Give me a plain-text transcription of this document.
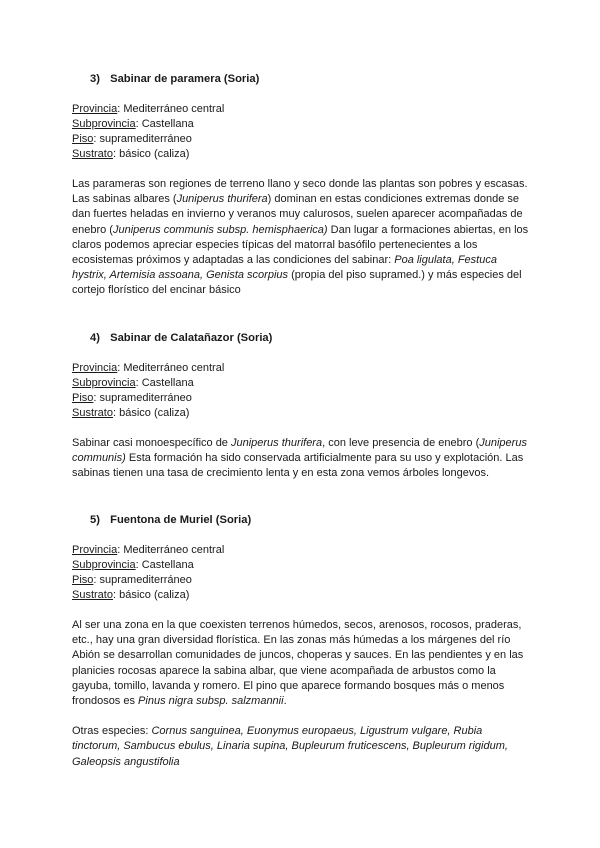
3) Sabinar de paramera (Soria)

Provincia: Mediterráneo central

Subprovincia: Castellana

Piso: supramediterráneo

Sustrato: básico (caliza)

Las parameras son regiones de terreno llano y seco donde las plantas son pobres y escasas. Las sabinas albares (Juniperus thurifera) dominan en estas condiciones extremas donde se dan fuertes heladas en invierno y veranos muy calurosos, suelen aparecer acompañadas de enebro (Juniperus communis subsp. hemisphaerica) Dan lugar a formaciones abiertas, en los claros podemos apreciar especies típicas del matorral basófilo pertenecientes a los ecosistemas próximos y adaptadas a las condiciones del sabinar: Poa ligulata, Festuca hystrix, Artemisia assoana, Genista scorpius (propia del piso supramed.) y más especies del cortejo florístico del encinar básico

4) Sabinar de Calatañazor (Soria)

Provincia: Mediterráneo central

Subprovincia: Castellana

Piso: supramediterráneo

Sustrato: básico (caliza)

Sabinar casi monoespecífico de Juniperus thurifera, con leve presencia de enebro (Juniperus communis) Esta formación ha sido conservada artificialmente para su uso y explotación. Las sabinas tienen una tasa de crecimiento lenta y en esta zona vemos árboles longevos.

5) Fuentona de Muriel (Soria)

Provincia: Mediterráneo central

Subprovincia: Castellana

Piso: supramediterráneo

Sustrato: básico (caliza)

Al ser una zona en la que coexisten terrenos húmedos, secos, arenosos, rocosos, praderas, etc., hay una gran diversidad florística. En las zonas más húmedas a los márgenes del río Abión se desarrollan comunidades de juncos, choperas y sauces. En las pendientes y en las planicies rocosas aparece la sabina albar, que viene acompañada de arbustos como la gayuba, tomillo, lavanda y romero. El pino que aparece formando bosques más o menos frondosos es Pinus nigra subsp. salzmannii.

Otras especies: Cornus sanguinea, Euonymus europaeus, Ligustrum vulgare, Rubia tinctorum, Sambucus ebulus, Linaria supina, Bupleurum fruticescens, Bupleurum rigidum, Galeopsis angustifolia
